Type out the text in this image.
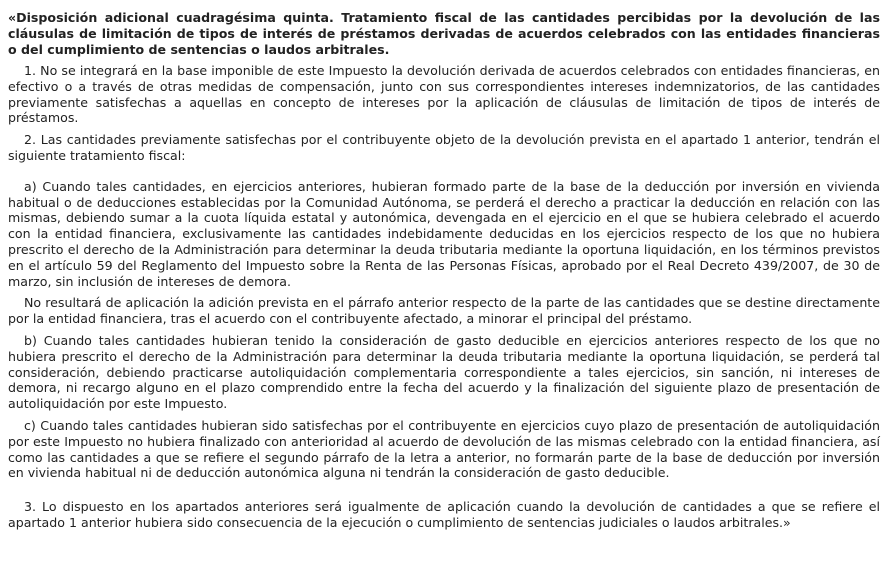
«Disposición adicional cuadragésima quinta. Tratamiento fiscal de las cantidades percibidas por la devolución de las cláusulas de limitación de tipos de interés de préstamos derivadas de acuerdos celebrados con las entidades financieras o del cumplimiento de sentencias o laudos arbitrales.

1. No se integrará en la base imponible de este Impuesto la devolución derivada de acuerdos celebrados con entidades financieras, en efectivo o a través de otras medidas de compensación, junto con sus correspondientes intereses indemnizatorios, de las cantidades previamente satisfechas a aquellas en concepto de intereses por la aplicación de cláusulas de limitación de tipos de interés de préstamos.

2. Las cantidades previamente satisfechas por el contribuyente objeto de la devolución prevista en el apartado 1 anterior, tendrán el siguiente tratamiento fiscal:

a) Cuando tales cantidades, en ejercicios anteriores, hubieran formado parte de la base de la deducción por inversión en vivienda habitual o de deducciones establecidas por la Comunidad Autónoma, se perderá el derecho a practicar la deducción en relación con las mismas, debiendo sumar a la cuota líquida estatal y autonómica, devengada en el ejercicio en el que se hubiera celebrado el acuerdo con la entidad financiera, exclusivamente las cantidades indebidamente deducidas en los ejercicios respecto de los que no hubiera prescrito el derecho de la Administración para determinar la deuda tributaria mediante la oportuna liquidación, en los términos previstos en el artículo 59 del Reglamento del Impuesto sobre la Renta de las Personas Físicas, aprobado por el Real Decreto 439/2007, de 30 de marzo, sin inclusión de intereses de demora.

No resultará de aplicación la adición prevista en el párrafo anterior respecto de la parte de las cantidades que se destine directamente por la entidad financiera, tras el acuerdo con el contribuyente afectado, a minorar el principal del préstamo.

b) Cuando tales cantidades hubieran tenido la consideración de gasto deducible en ejercicios anteriores respecto de los que no hubiera prescrito el derecho de la Administración para determinar la deuda tributaria mediante la oportuna liquidación, se perderá tal consideración, debiendo practicarse autoliquidación complementaria correspondiente a tales ejercicios, sin sanción, ni intereses de demora, ni recargo alguno en el plazo comprendido entre la fecha del acuerdo y la finalización del siguiente plazo de presentación de autoliquidación por este Impuesto.

c) Cuando tales cantidades hubieran sido satisfechas por el contribuyente en ejercicios cuyo plazo de presentación de autoliquidación por este Impuesto no hubiera finalizado con anterioridad al acuerdo de devolución de las mismas celebrado con la entidad financiera, así como las cantidades a que se refiere el segundo párrafo de la letra a anterior, no formarán parte de la base de deducción por inversión en vivienda habitual ni de deducción autonómica alguna ni tendrán la consideración de gasto deducible.

3. Lo dispuesto en los apartados anteriores será igualmente de aplicación cuando la devolución de cantidades a que se refiere el apartado 1 anterior hubiera sido consecuencia de la ejecución o cumplimiento de sentencias judiciales o laudos arbitrales.»
